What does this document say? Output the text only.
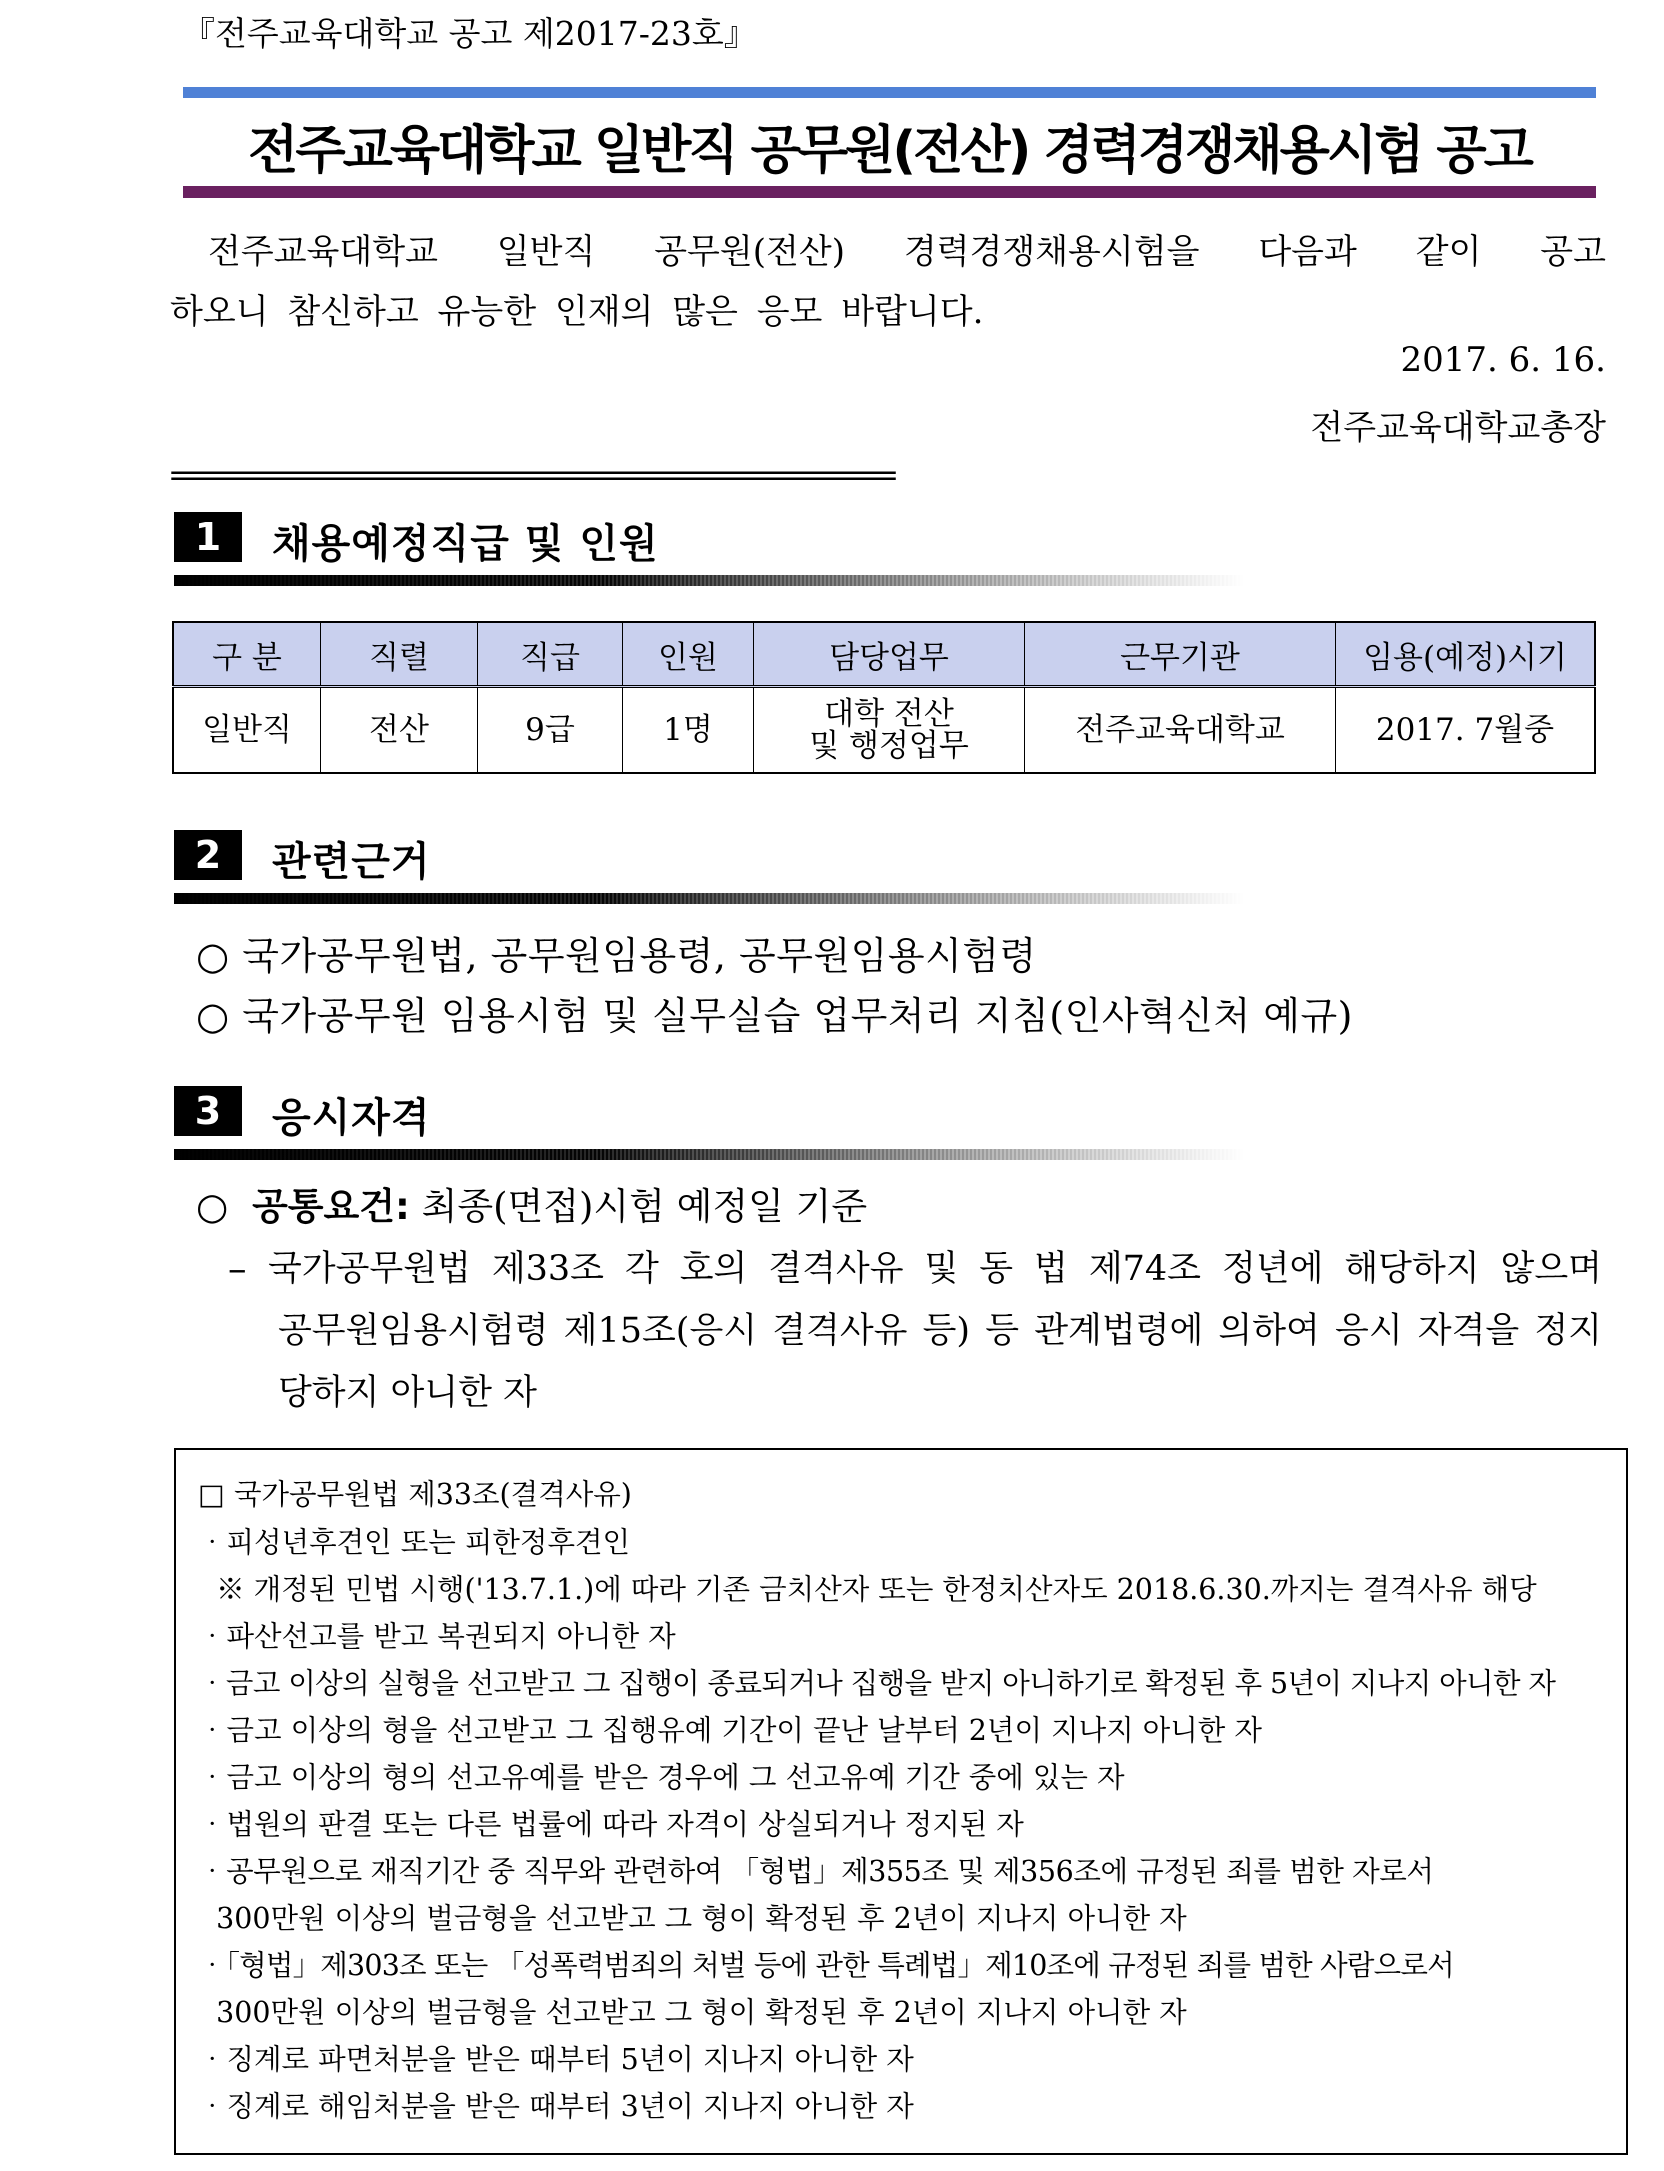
『전주교육대학교 공고 제2017-23호』
전주교육대학교 일반직 공무원(전산) 경력경쟁채용시험 공고
전주교육대학교 일반직 공무원(전산) 경력경쟁채용시험을 다음과 같이 공고
하오니 참신하고 유능한 인재의 많은 응모 바랍니다.
2017. 6. 16.
전주교육대학교총장
=========================================================
1	채용예정직급 및 인원
구 분	직렬	직급	인원	담당업무	근무기관	임용(예정)시기
일반직	전산	9급	1명	대학 전산
및 행정업무	전주교육대학교	2017. 7월중
2	관련근거
○ 국가공무원법, 공무원임용령, 공무원임용시험령
○ 국가공무원 임용시험 및 실무실습 업무처리 지침(인사혁신처 예규)
3	응시자격
○ 공통요건: 최종(면접)시험 예정일 기준
– 국가공무원법 제33조 각 호의 결격사유 및 동 법 제74조 정년에 해당하지 않으며
공무원임용시험령 제15조(응시 결격사유 등) 등 관계법령에 의하여 응시 자격을 정지
당하지 아니한 자
□ 국가공무원법 제33조(결격사유)
‧피성년후견인 또는 피한정후견인
※ 개정된 민법 시행('13.7.1.)에 따라 기존 금치산자 또는 한정치산자도 2018.6.30.까지는 결격사유 해당
‧파산선고를 받고 복권되지 아니한 자
‧금고 이상의 실형을 선고받고 그 집행이 종료되거나 집행을 받지 아니하기로 확정된 후 5년이 지나지 아니한 자
‧금고 이상의 형을 선고받고 그 집행유예 기간이 끝난 날부터 2년이 지나지 아니한 자
‧금고 이상의 형의 선고유예를 받은 경우에 그 선고유예 기간 중에 있는 자
‧법원의 판결 또는 다른 법률에 따라 자격이 상실되거나 정지된 자
‧공무원으로 재직기간 중 직무와 관련하여 「형법」제355조 및 제356조에 규정된 죄를 범한 자로서
300만원 이상의 벌금형을 선고받고 그 형이 확정된 후 2년이 지나지 아니한 자
‧「형법」제303조 또는 「성폭력범죄의 처벌 등에 관한 특례법」제10조에 규정된 죄를 범한 사람으로서
300만원 이상의 벌금형을 선고받고 그 형이 확정된 후 2년이 지나지 아니한 자
‧징계로 파면처분을 받은 때부터 5년이 지나지 아니한 자
‧징계로 해임처분을 받은 때부터 3년이 지나지 아니한 자
